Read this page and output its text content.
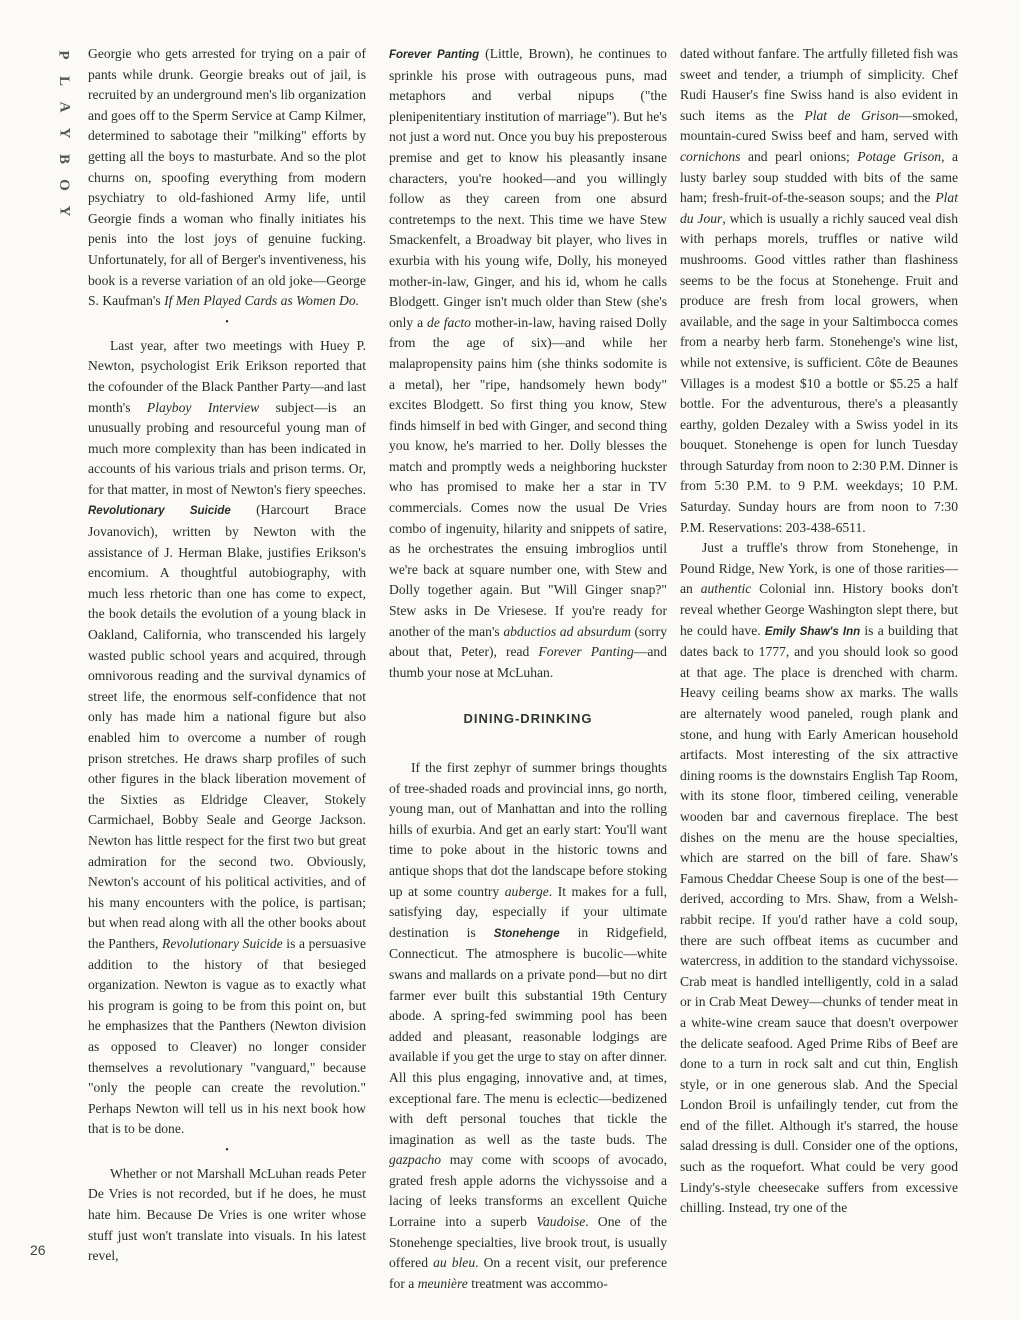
P
L
A
Y
B
O
Y
26

Georgie who gets arrested for trying on a pair of pants while drunk. Georgie breaks out of jail, is recruited by an underground men's lib organization and goes off to the Sperm Service at Camp Kilmer, determined to sabotage their "milking" efforts by getting all the boys to masturbate. And so the plot churns on, spoofing everything from modern psychiatry to old-fashioned Army life, until Georgie finds a woman who finally initiates his penis into the lost joys of genuine fucking. Unfortunately, for all of Berger's inventiveness, his book is a reverse variation of an old joke—George S. Kaufman's If Men Played Cards as Women Do.

•

Last year, after two meetings with Huey P. Newton, psychologist Erik Erikson reported that the cofounder of the Black Panther Party—and last month's Playboy Interview subject—is an unusually probing and resourceful young man of much more complexity than has been indicated in accounts of his various trials and prison terms. Or, for that matter, in most of Newton's fiery speeches. Revolutionary Suicide (Harcourt Brace Jovanovich), written by Newton with the assistance of J. Herman Blake, justifies Erikson's encomium. A thoughtful autobiography, with much less rhetoric than one has come to expect, the book details the evolution of a young black in Oakland, California, who transcended his largely wasted public school years and acquired, through omnivorous reading and the survival dynamics of street life, the enormous self-confidence that not only has made him a national figure but also enabled him to overcome a number of rough prison stretches. He draws sharp profiles of such other figures in the black liberation movement of the Sixties as Eldridge Cleaver, Stokely Carmichael, Bobby Seale and George Jackson. Newton has little respect for the first two but great admiration for the second two. Obviously, Newton's account of his political activities, and of his many encounters with the police, is partisan; but when read along with all the other books about the Panthers, Revolutionary Suicide is a persuasive addition to the history of that besieged organization. Newton is vague as to exactly what his program is going to be from this point on, but he emphasizes that the Panthers (Newton division as opposed to Cleaver) no longer consider themselves a revolutionary "vanguard," because "only the people can create the revolution." Perhaps Newton will tell us in his next book how that is to be done.

•

Whether or not Marshall McLuhan reads Peter De Vries is not recorded, but if he does, he must hate him. Because De Vries is one writer whose stuff just won't translate into visuals. In his latest revel,

Forever Panting (Little, Brown), he continues to sprinkle his prose with outrageous puns, mad metaphors and verbal nipups ("the plenipenitentiary institution of marriage"). But he's not just a word nut. Once you buy his preposterous premise and get to know his pleasantly insane characters, you're hooked—and you willingly follow as they careen from one absurd contretemps to the next. This time we have Stew Smackenfelt, a Broadway bit player, who lives in exurbia with his young wife, Dolly, his moneyed mother-in-law, Ginger, and his id, whom he calls Blodgett. Ginger isn't much older than Stew (she's only a de facto mother-in-law, having raised Dolly from the age of six)—and while her malapropensity pains him (she thinks sodomite is a metal), her "ripe, handsomely hewn body" excites Blodgett. So first thing you know, Stew finds himself in bed with Ginger, and second thing you know, he's married to her. Dolly blesses the match and promptly weds a neighboring huckster who has promised to make her a star in TV commercials. Comes now the usual De Vries combo of ingenuity, hilarity and snippets of satire, as he orchestrates the ensuing imbroglios until we're back at square number one, with Stew and Dolly together again. But "Will Ginger snap?" Stew asks in De Vriesese. If you're ready for another of the man's abductios ad absurdum (sorry about that, Peter), read Forever Panting—and thumb your nose at McLuhan.

DINING-DRINKING

If the first zephyr of summer brings thoughts of tree-shaded roads and provincial inns, go north, young man, out of Manhattan and into the rolling hills of exurbia. And get an early start: You'll want time to poke about in the historic towns and antique shops that dot the landscape before stoking up at some country auberge. It makes for a full, satisfying day, especially if your ultimate destination is Stonehenge in Ridgefield, Connecticut. The atmosphere is bucolic—white swans and mallards on a private pond—but no dirt farmer ever built this substantial 19th Century abode. A spring-fed swimming pool has been added and pleasant, reasonable lodgings are available if you get the urge to stay on after dinner. All this plus engaging, innovative and, at times, exceptional fare. The menu is eclectic—bedizened with deft personal touches that tickle the imagination as well as the taste buds. The gazpacho may come with scoops of avocado, grated fresh apple adorns the vichyssoise and a lacing of leeks transforms an excellent Quiche Lorraine into a superb Vaudoise. One of the Stonehenge specialties, live brook trout, is usually offered au bleu. On a recent visit, our preference for a meunière treatment was accommo-

dated without fanfare. The artfully filleted fish was sweet and tender, a triumph of simplicity. Chef Rudi Hauser's fine Swiss hand is also evident in such items as the Plat de Grison—smoked, mountain-cured Swiss beef and ham, served with cornichons and pearl onions; Potage Grison, a lusty barley soup studded with bits of the same ham; fresh-fruit-of-the-season soups; and the Plat du Jour, which is usually a richly sauced veal dish with perhaps morels, truffles or native wild mushrooms. Good vittles rather than flashiness seems to be the focus at Stonehenge. Fruit and produce are fresh from local growers, when available, and the sage in your Saltimbocca comes from a nearby herb farm. Stonehenge's wine list, while not extensive, is sufficient. Côte de Beaunes Villages is a modest $10 a bottle or $5.25 a half bottle. For the adventurous, there's a pleasantly earthy, golden Dezaley with a Swiss yodel in its bouquet. Stonehenge is open for lunch Tuesday through Saturday from noon to 2:30 P.M. Dinner is from 5:30 P.M. to 9 P.M. weekdays; 10 P.M. Saturday. Sunday hours are from noon to 7:30 P.M. Reservations: 203-438-6511.

Just a truffle's throw from Stonehenge, in Pound Ridge, New York, is one of those rarities—an authentic Colonial inn. History books don't reveal whether George Washington slept there, but he could have. Emily Shaw's Inn is a building that dates back to 1777, and you should look so good at that age. The place is drenched with charm. Heavy ceiling beams show ax marks. The walls are alternately wood paneled, rough plank and stone, and hung with Early American household artifacts. Most interesting of the six attractive dining rooms is the downstairs English Tap Room, with its stone floor, timbered ceiling, venerable wooden bar and cavernous fireplace. The best dishes on the menu are the house specialties, which are starred on the bill of fare. Shaw's Famous Cheddar Cheese Soup is one of the best—derived, according to Mrs. Shaw, from a Welsh-rabbit recipe. If you'd rather have a cold soup, there are such offbeat items as cucumber and watercress, in addition to the standard vichyssoise. Crab meat is handled intelligently, cold in a salad or in Crab Meat Dewey—chunks of tender meat in a white-wine cream sauce that doesn't overpower the delicate seafood. Aged Prime Ribs of Beef are done to a turn in rock salt and cut thin, English style, or in one generous slab. And the Special London Broil is unfailingly tender, cut from the end of the fillet. Although it's starred, the house salad dressing is dull. Consider one of the options, such as the roquefort. What could be very good Lindy's-style cheesecake suffers from excessive chilling. Instead, try one of the
